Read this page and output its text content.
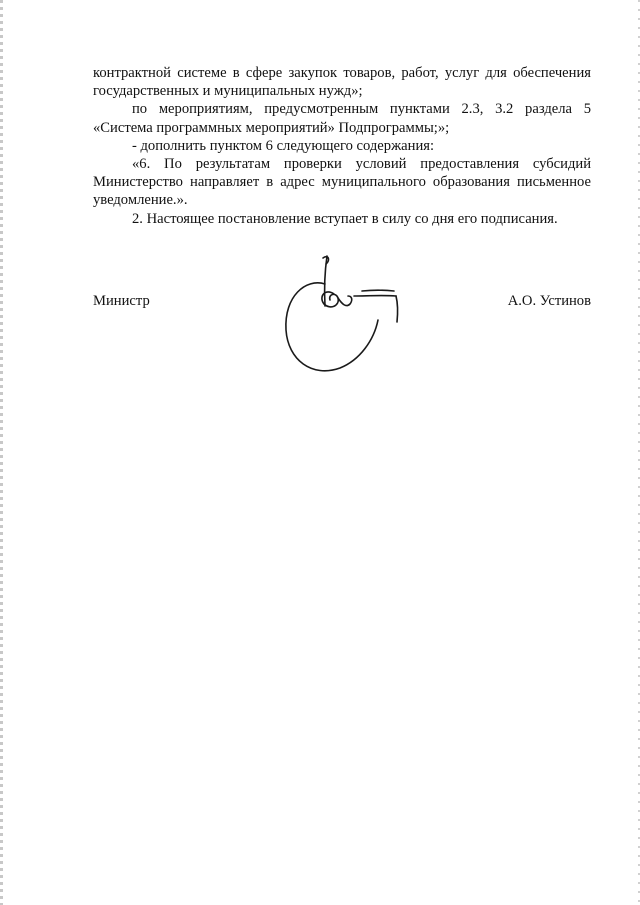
контрактной системе в сфере закупок товаров, работ, услуг для обеспечения государственных и муниципальных нужд»;

по мероприятиям, предусмотренным пунктами 2.3, 3.2 раздела 5 «Система программных мероприятий» Подпрограммы;»;

- дополнить пунктом 6 следующего содержания:

«6. По результатам проверки условий предоставления субсидий Министерство направляет в адрес муниципального образования письменное уведомление.».

2. Настоящее постановление вступает в силу со дня его подписания.

Министр	А.О. Устинов
